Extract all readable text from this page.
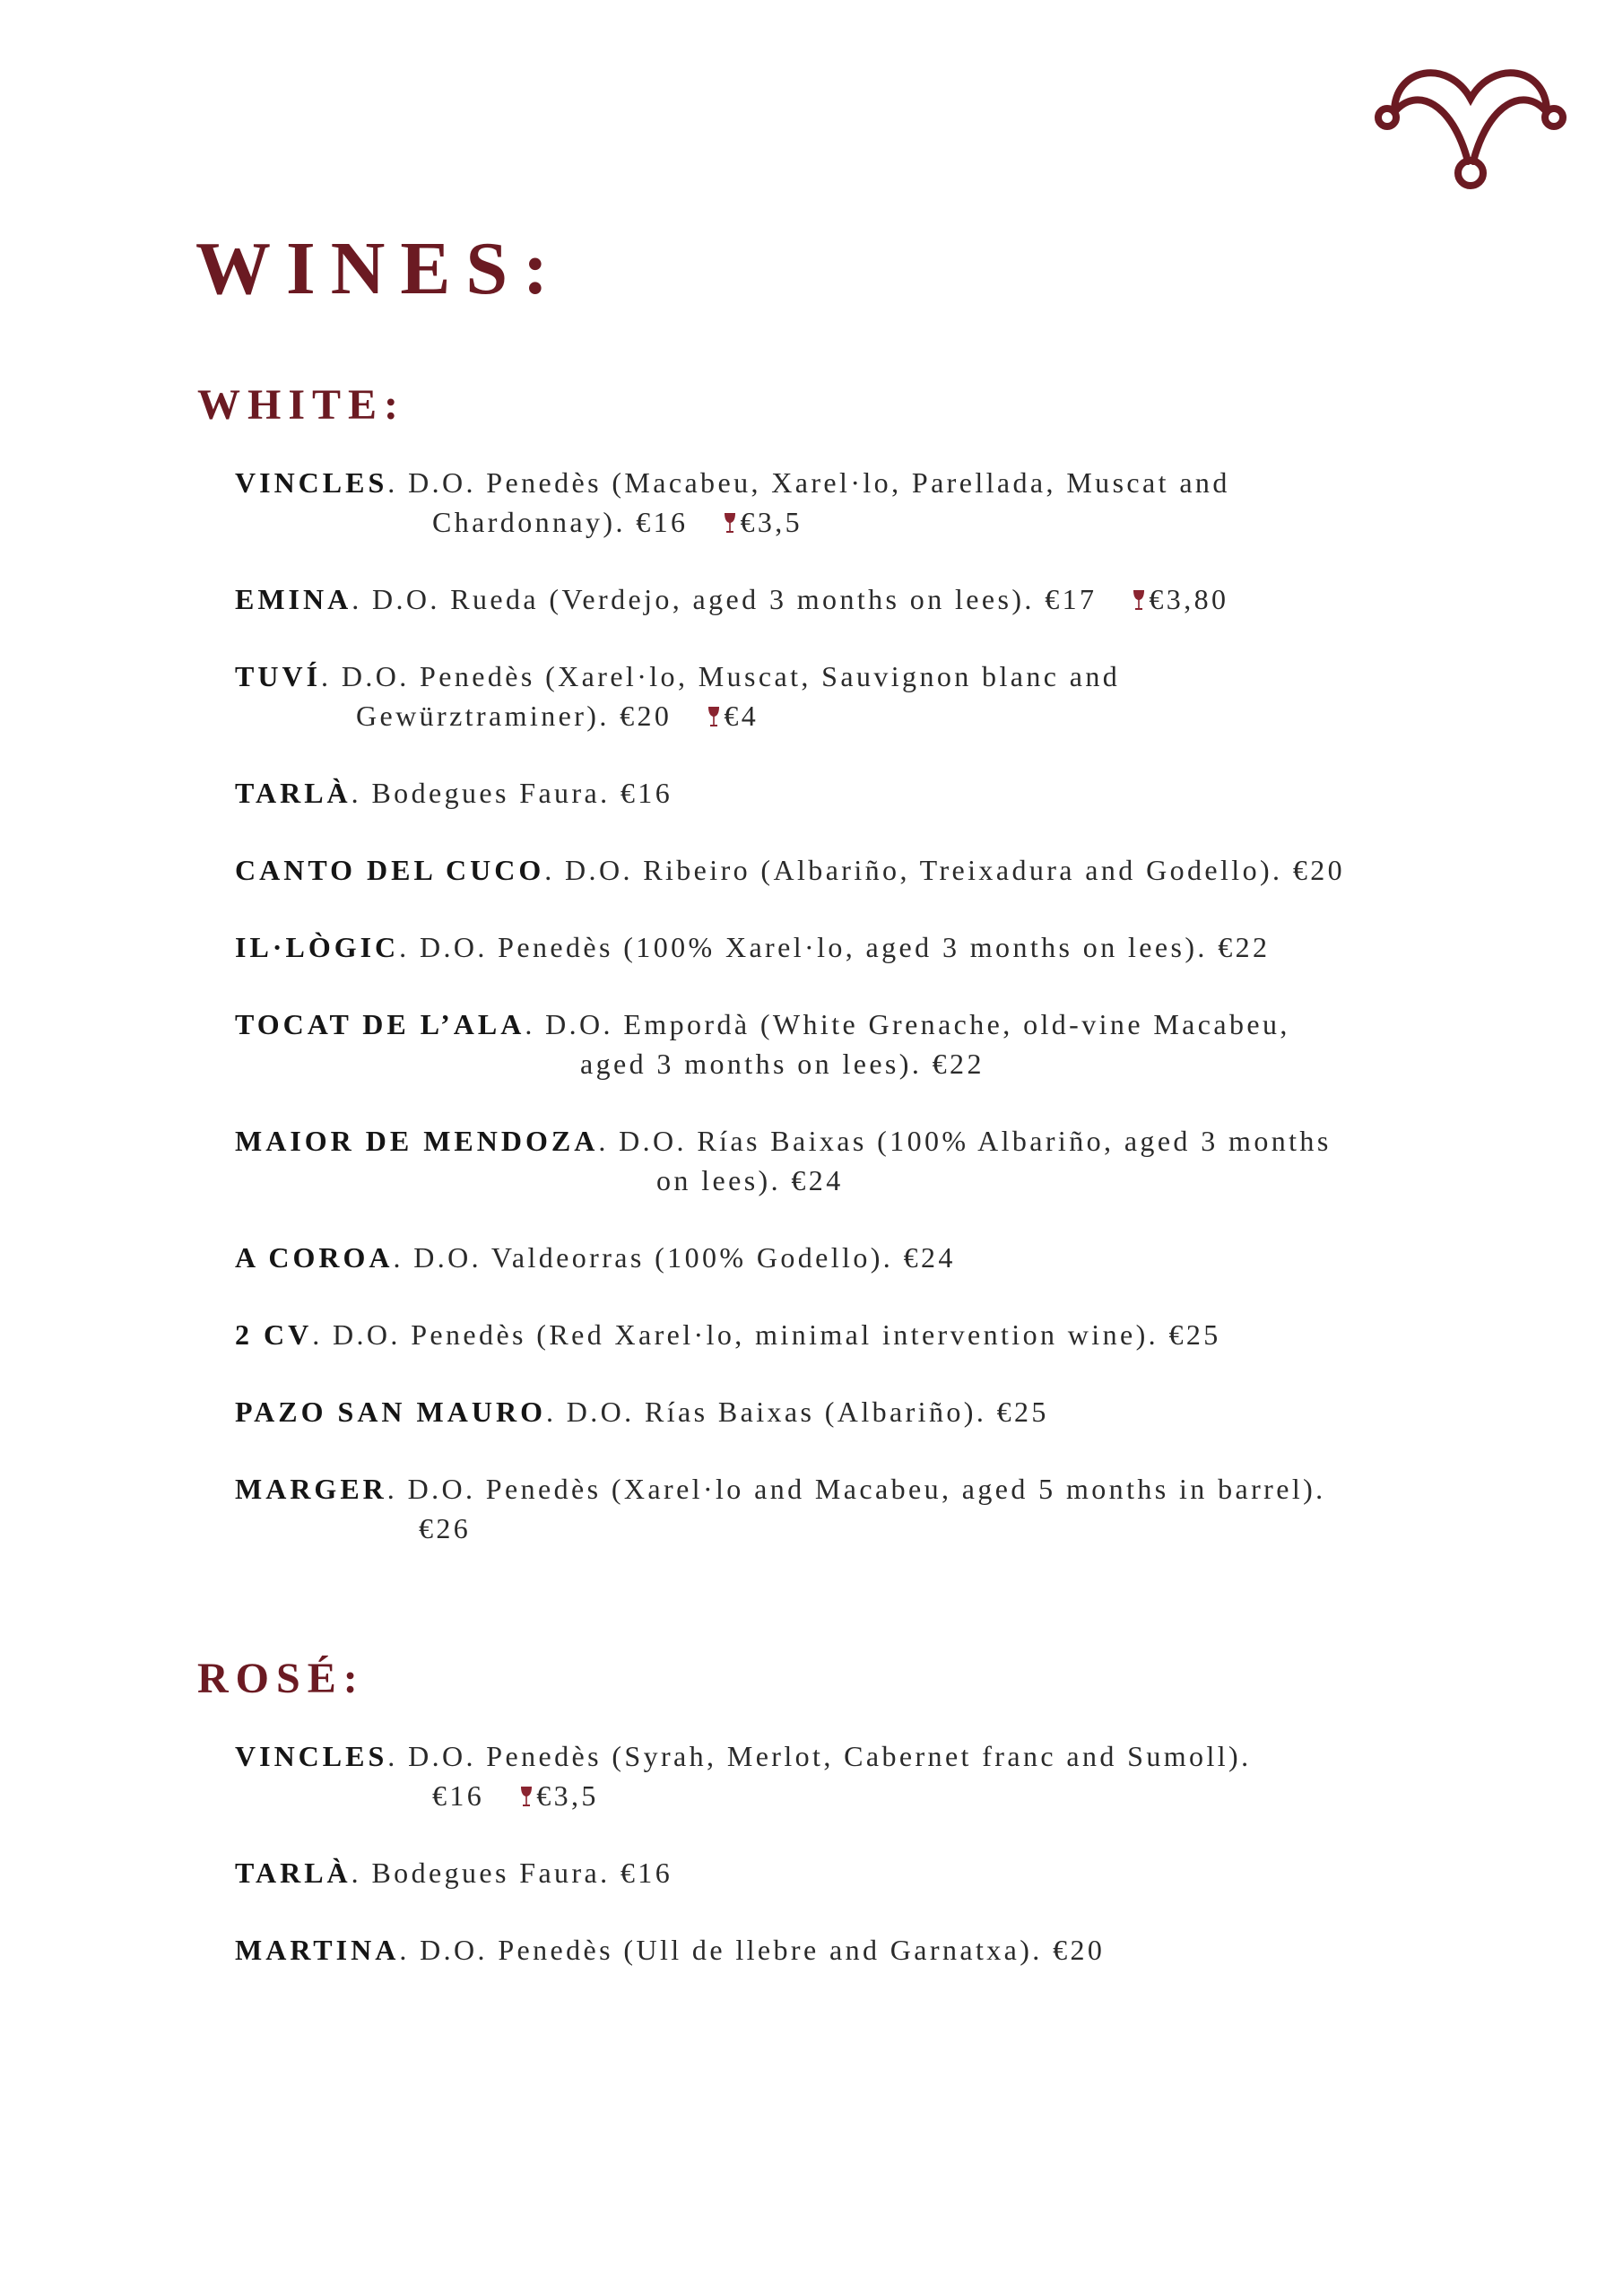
WINES:
WHITE:
VINCLES. D.O. Penedès (Macabeu, Xarel·lo, Parellada, Muscat and
Chardonnay). €16 €3,5
EMINA. D.O. Rueda (Verdejo, aged 3 months on lees). €17 €3,80
TUVÍ. D.O. Penedès (Xarel·lo, Muscat, Sauvignon blanc and
Gewürztraminer). €20 €4
TARLÀ. Bodegues Faura. €16
CANTO DEL CUCO. D.O. Ribeiro (Albariño, Treixadura and Godello). €20
IL·LÒGIC. D.O. Penedès (100% Xarel·lo, aged 3 months on lees). €22
TOCAT DE L’ALA. D.O. Empordà (White Grenache, old-vine Macabeu,
aged 3 months on lees). €22
MAIOR DE MENDOZA. D.O. Rías Baixas (100% Albariño, aged 3 months
on lees). €24
A COROA. D.O. Valdeorras (100% Godello). €24
2 CV. D.O. Penedès (Red Xarel·lo, minimal intervention wine). €25
PAZO SAN MAURO. D.O. Rías Baixas (Albariño). €25
MARGER. D.O. Penedès (Xarel·lo and Macabeu, aged 5 months in barrel).
€26
ROSÉ:
VINCLES. D.O. Penedès (Syrah, Merlot, Cabernet franc and Sumoll).
€16 €3,5
TARLÀ. Bodegues Faura. €16
MARTINA. D.O. Penedès (Ull de llebre and Garnatxa). €20
